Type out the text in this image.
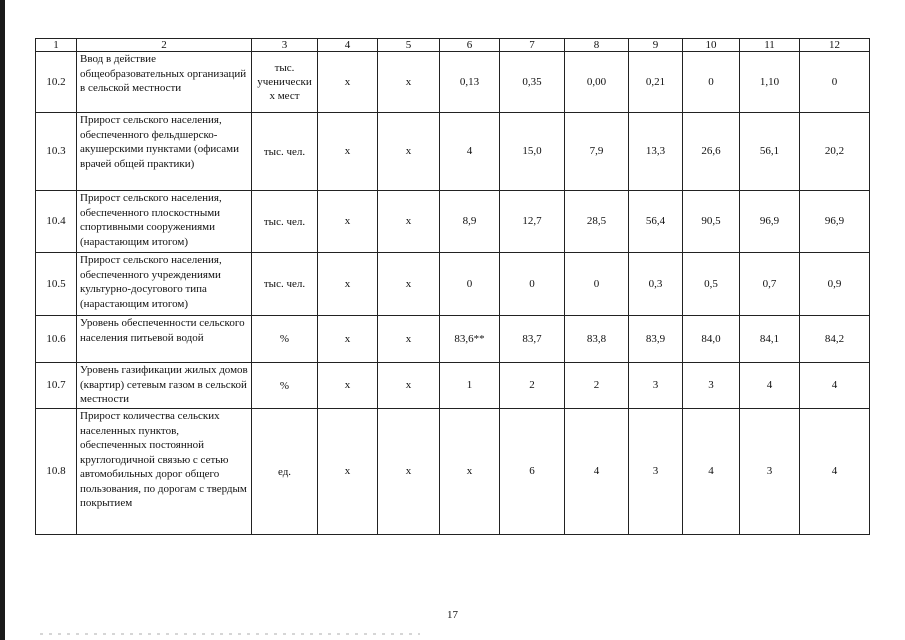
1	2	3	4	5	6	7	8	9	10	11	12
10.2	Ввод в действие общеобразовательных организаций в сельской местности	тыс. ученически х мест	x	x	0,13	0,35	0,00	0,21	0	1,10	0
10.3	Прирост сельского населения, обеспеченного фельдшерско-акушерскими пунктами (офисами врачей общей практики)	тыс. чел.	x	x	4	15,0	7,9	13,3	26,6	56,1	20,2
10.4	Прирост сельского населения, обеспеченного плоскостными спортивными сооружениями (нарастающим итогом)	тыс. чел.	x	x	8,9	12,7	28,5	56,4	90,5	96,9	96,9
10.5	Прирост сельского населения, обеспеченного учреждениями культурно-досугового типа (нарастающим итогом)	тыс. чел.	x	x	0	0	0	0,3	0,5	0,7	0,9
10.6	Уровень обеспеченности сельского населения питьевой водой	%	x	x	83,6**	83,7	83,8	83,9	84,0	84,1	84,2
10.7	Уровень газификации жилых домов (квартир) сетевым газом в сельской местности	%	x	x	1	2	2	3	3	4	4
10.8	Прирост количества сельских населенных пунктов, обеспеченных постоянной круглогодичной связью с сетью автомобильных дорог общего пользования, по дорогам с твердым покрытием	ед.	x	x	x	6	4	3	4	3	4
17
